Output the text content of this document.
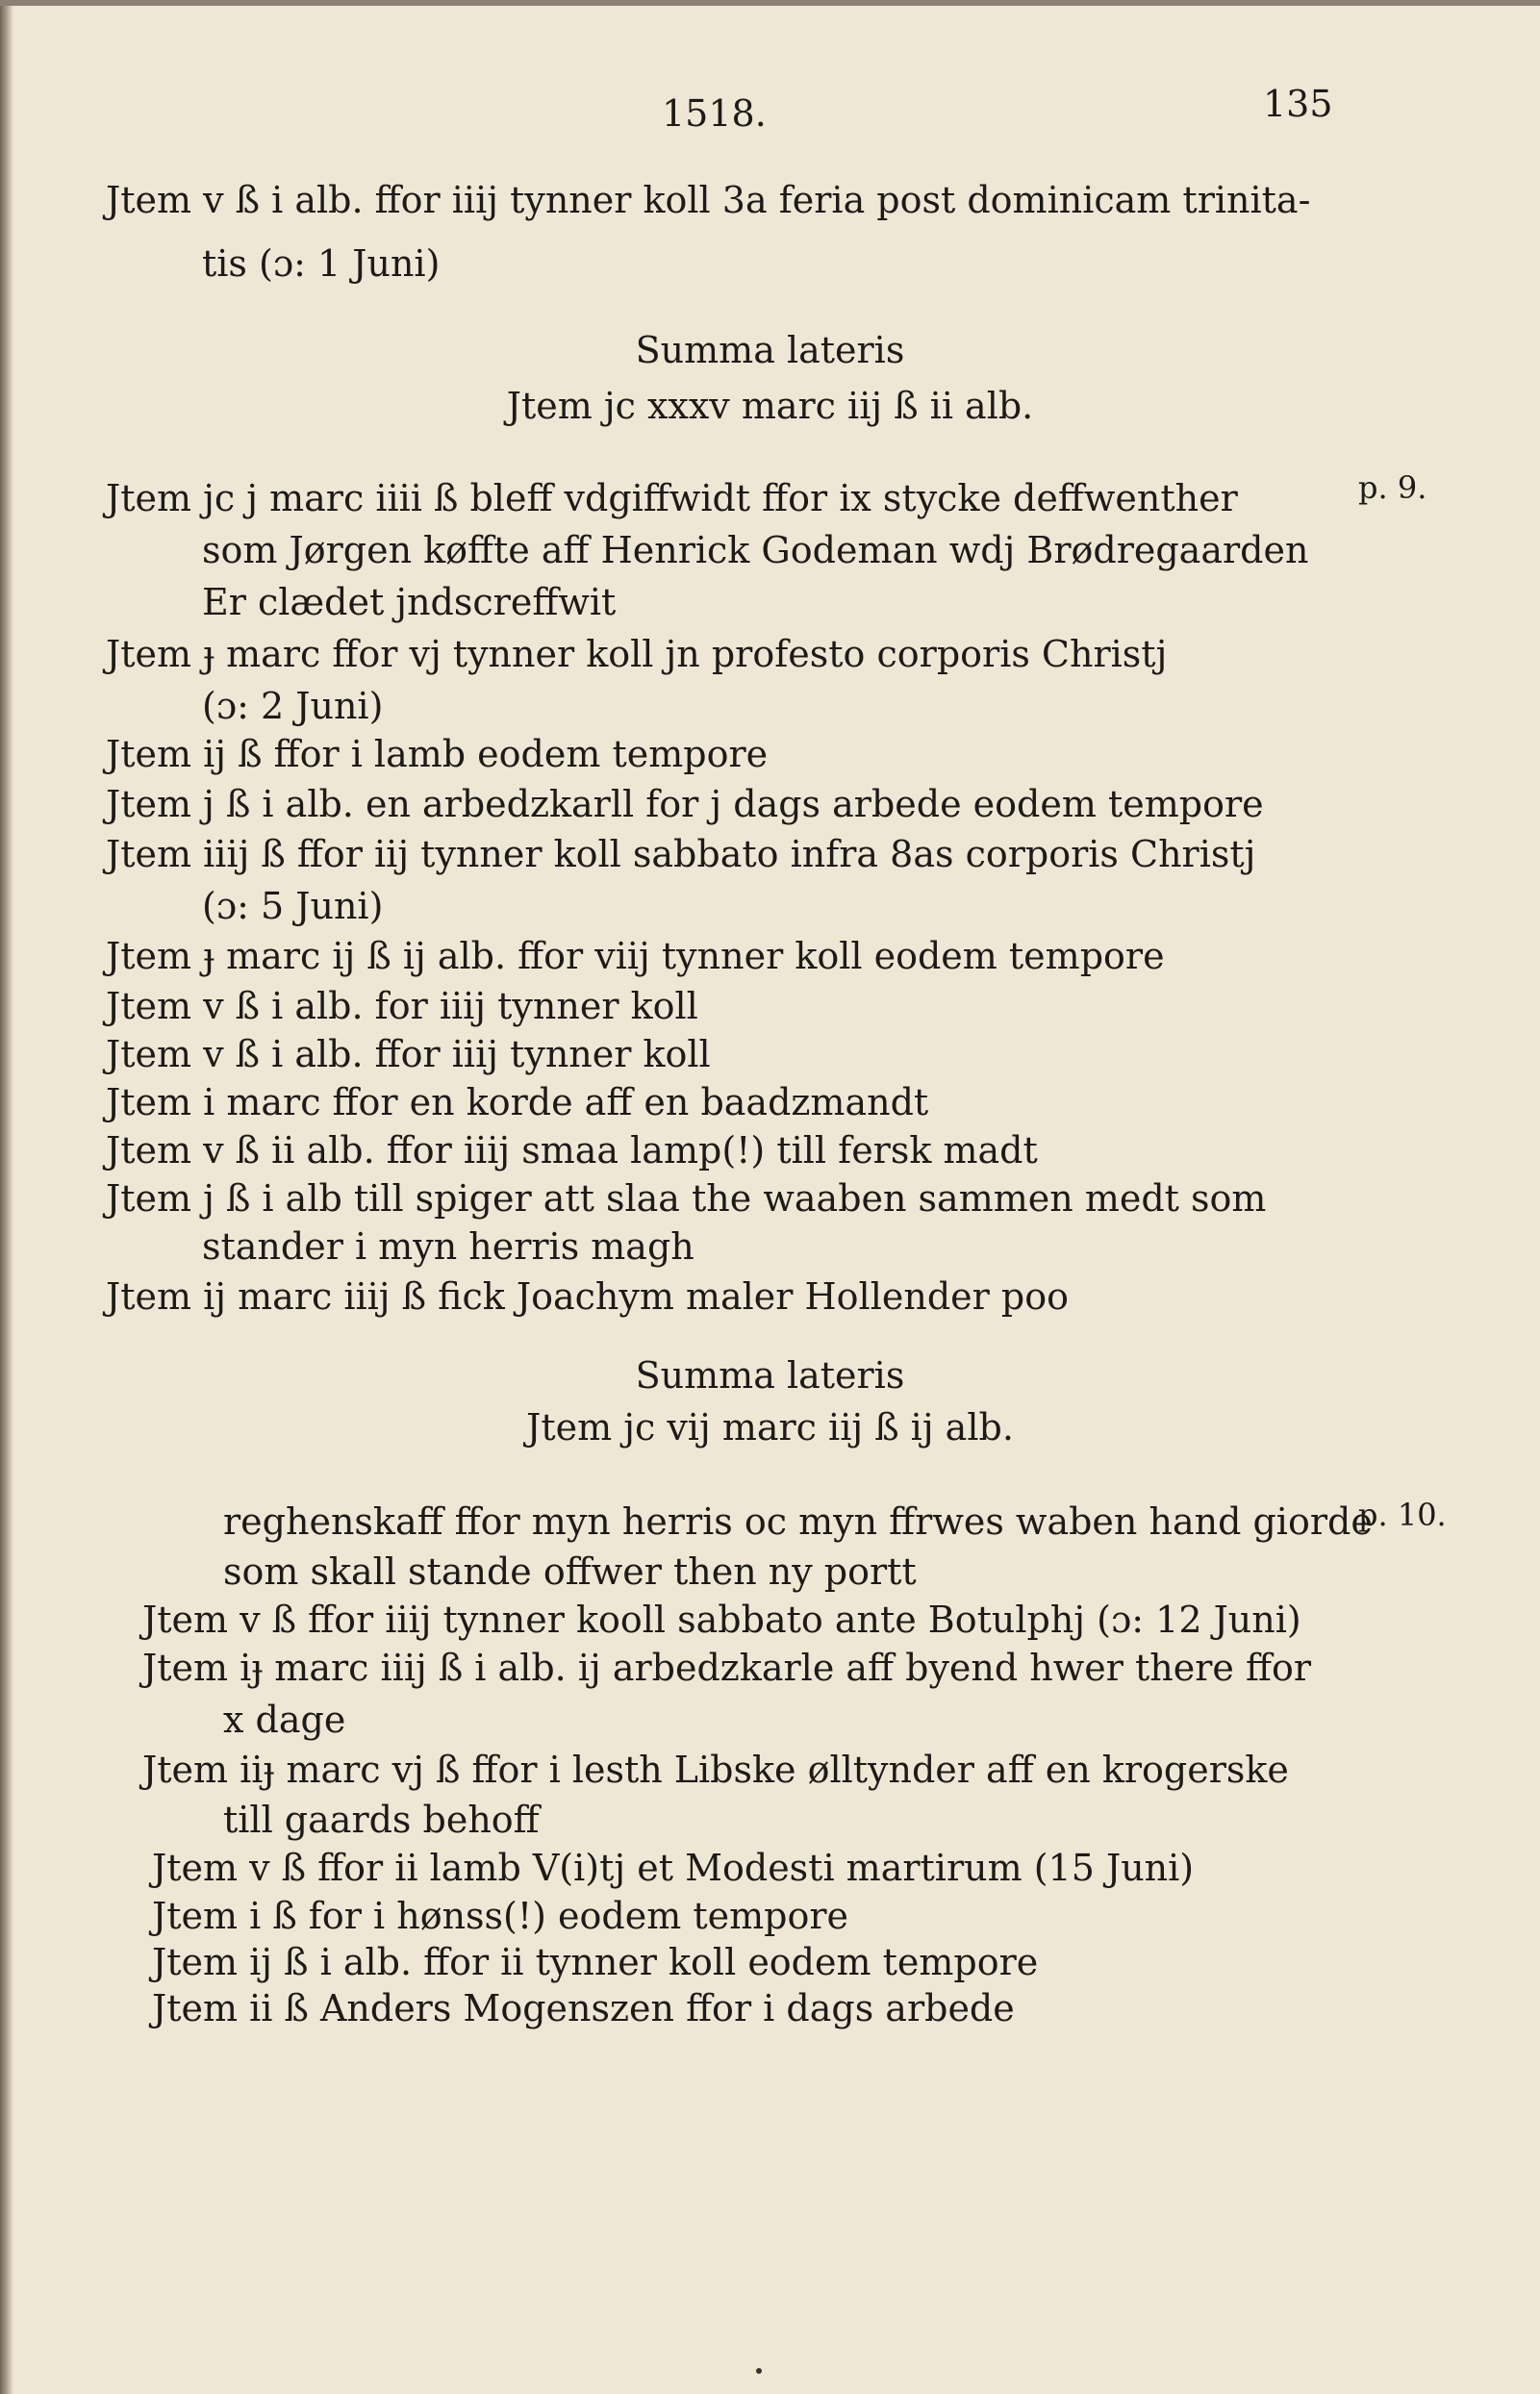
1518.	135
Jtem v ß i alb. ffor iiij tynner koll 3a feria post dominicam trinita-
tis (ɔ: 1 Juni)
Summa lateris
Jtem jc xxxv marc iij ß ii alb.
Jtem jc j marc iiii ß bleff vdgiffwidt ffor ix stycke deffwenther	p. 9.
som Jørgen køffte aff Henrick Godeman wdj Brødregaarden
Er clædet jndscreffwit
Jtem ɟ marc ffor vj tynner koll jn profesto corporis Christj
(ɔ: 2 Juni)
Jtem ij ß ffor i lamb eodem tempore
Jtem j ß i alb. en arbedzkarll for j dags arbede eodem tempore
Jtem iiij ß ffor iij tynner koll sabbato infra 8as corporis Christj
(ɔ: 5 Juni)
Jtem ɟ marc ij ß ij alb. ffor viij tynner koll eodem tempore
Jtem v ß i alb. for iiij tynner koll
Jtem v ß i alb. ffor iiij tynner koll
Jtem i marc ffor en korde aff en baadzmandt
Jtem v ß ii alb. ffor iiij smaa lamp(!) till fersk madt
Jtem j ß i alb till spiger att slaa the waaben sammen medt som
stander i myn herris magh
Jtem ij marc iiij ß fick Joachym maler Hollender poo
Summa lateris
Jtem jc vij marc iij ß ij alb.
reghenskaff ffor myn herris oc myn ffrwes waben hand giorde
p. 10.
som skall stande offwer then ny portt
Jtem v ß ffor iiij tynner kooll sabbato ante Botulphj (ɔ: 12 Juni)
Jtem iɟ marc iiij ß i alb. ij arbedzkarle aff byend hwer there ffor
x dage
Jtem iiɟ marc vj ß ffor i lesth Libske ølltynder aff en krogerske
till gaards behoff
Jtem v ß ffor ii lamb V(i)tj et Modesti martirum (15 Juni)
Jtem i ß for i hønss(!) eodem tempore
Jtem ij ß i alb. ffor ii tynner koll eodem tempore
Jtem ii ß Anders Mogenszen ffor i dags arbede
